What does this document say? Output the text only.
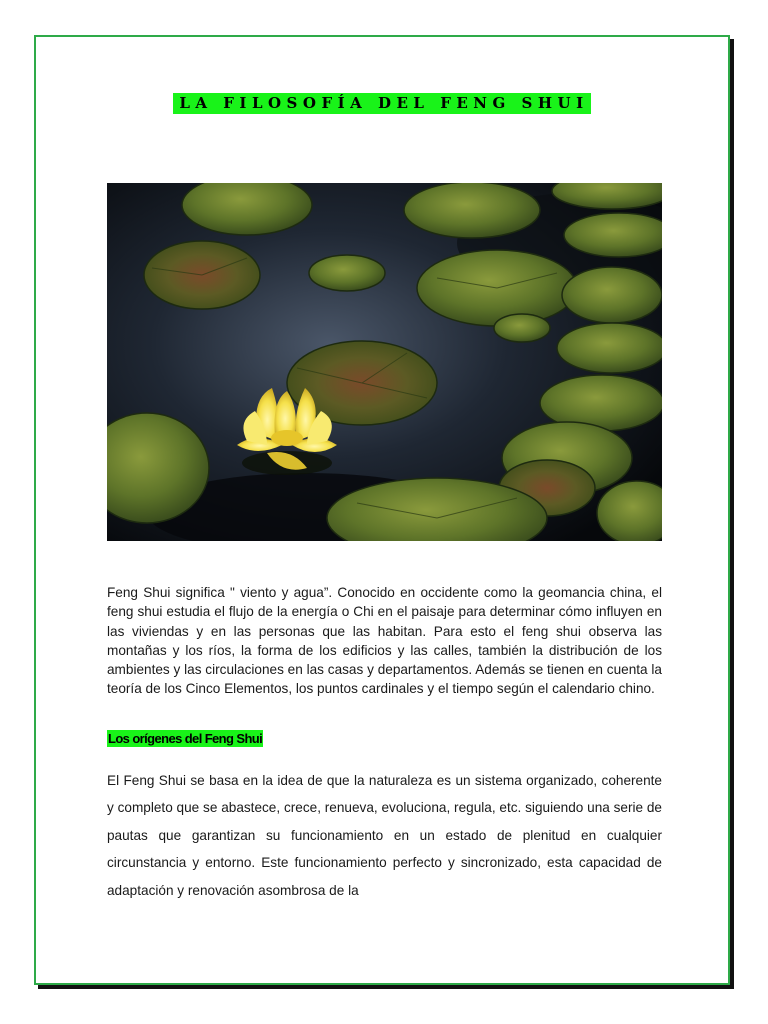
LA FILOSOFÍA DEL FENG SHUI

Feng Shui significa " viento y agua”. Conocido en occidente como la geomancia china, el feng shui estudia el flujo de la energía o Chi en el paisaje para determinar cómo influyen en las viviendas y en las personas que las habitan. Para esto el feng shui observa las montañas y los ríos, la forma de los edificios y las calles, también la distribución de los ambientes y las circulaciones en las casas y departamentos. Además se tienen en cuenta la teoría de los Cinco Elementos, los puntos cardinales y el tiempo según el calendario chino.

Los orígenes del Feng Shui

El Feng Shui se basa en la idea de que la naturaleza es un sistema organizado, coherente y completo que se abastece, crece, renueva, evoluciona, regula, etc. siguiendo una serie de pautas que garantizan su funcionamiento en un estado de plenitud en cualquier circunstancia y entorno. Este funcionamiento perfecto y sincronizado, esta capacidad de adaptación y renovación asombrosa de la
